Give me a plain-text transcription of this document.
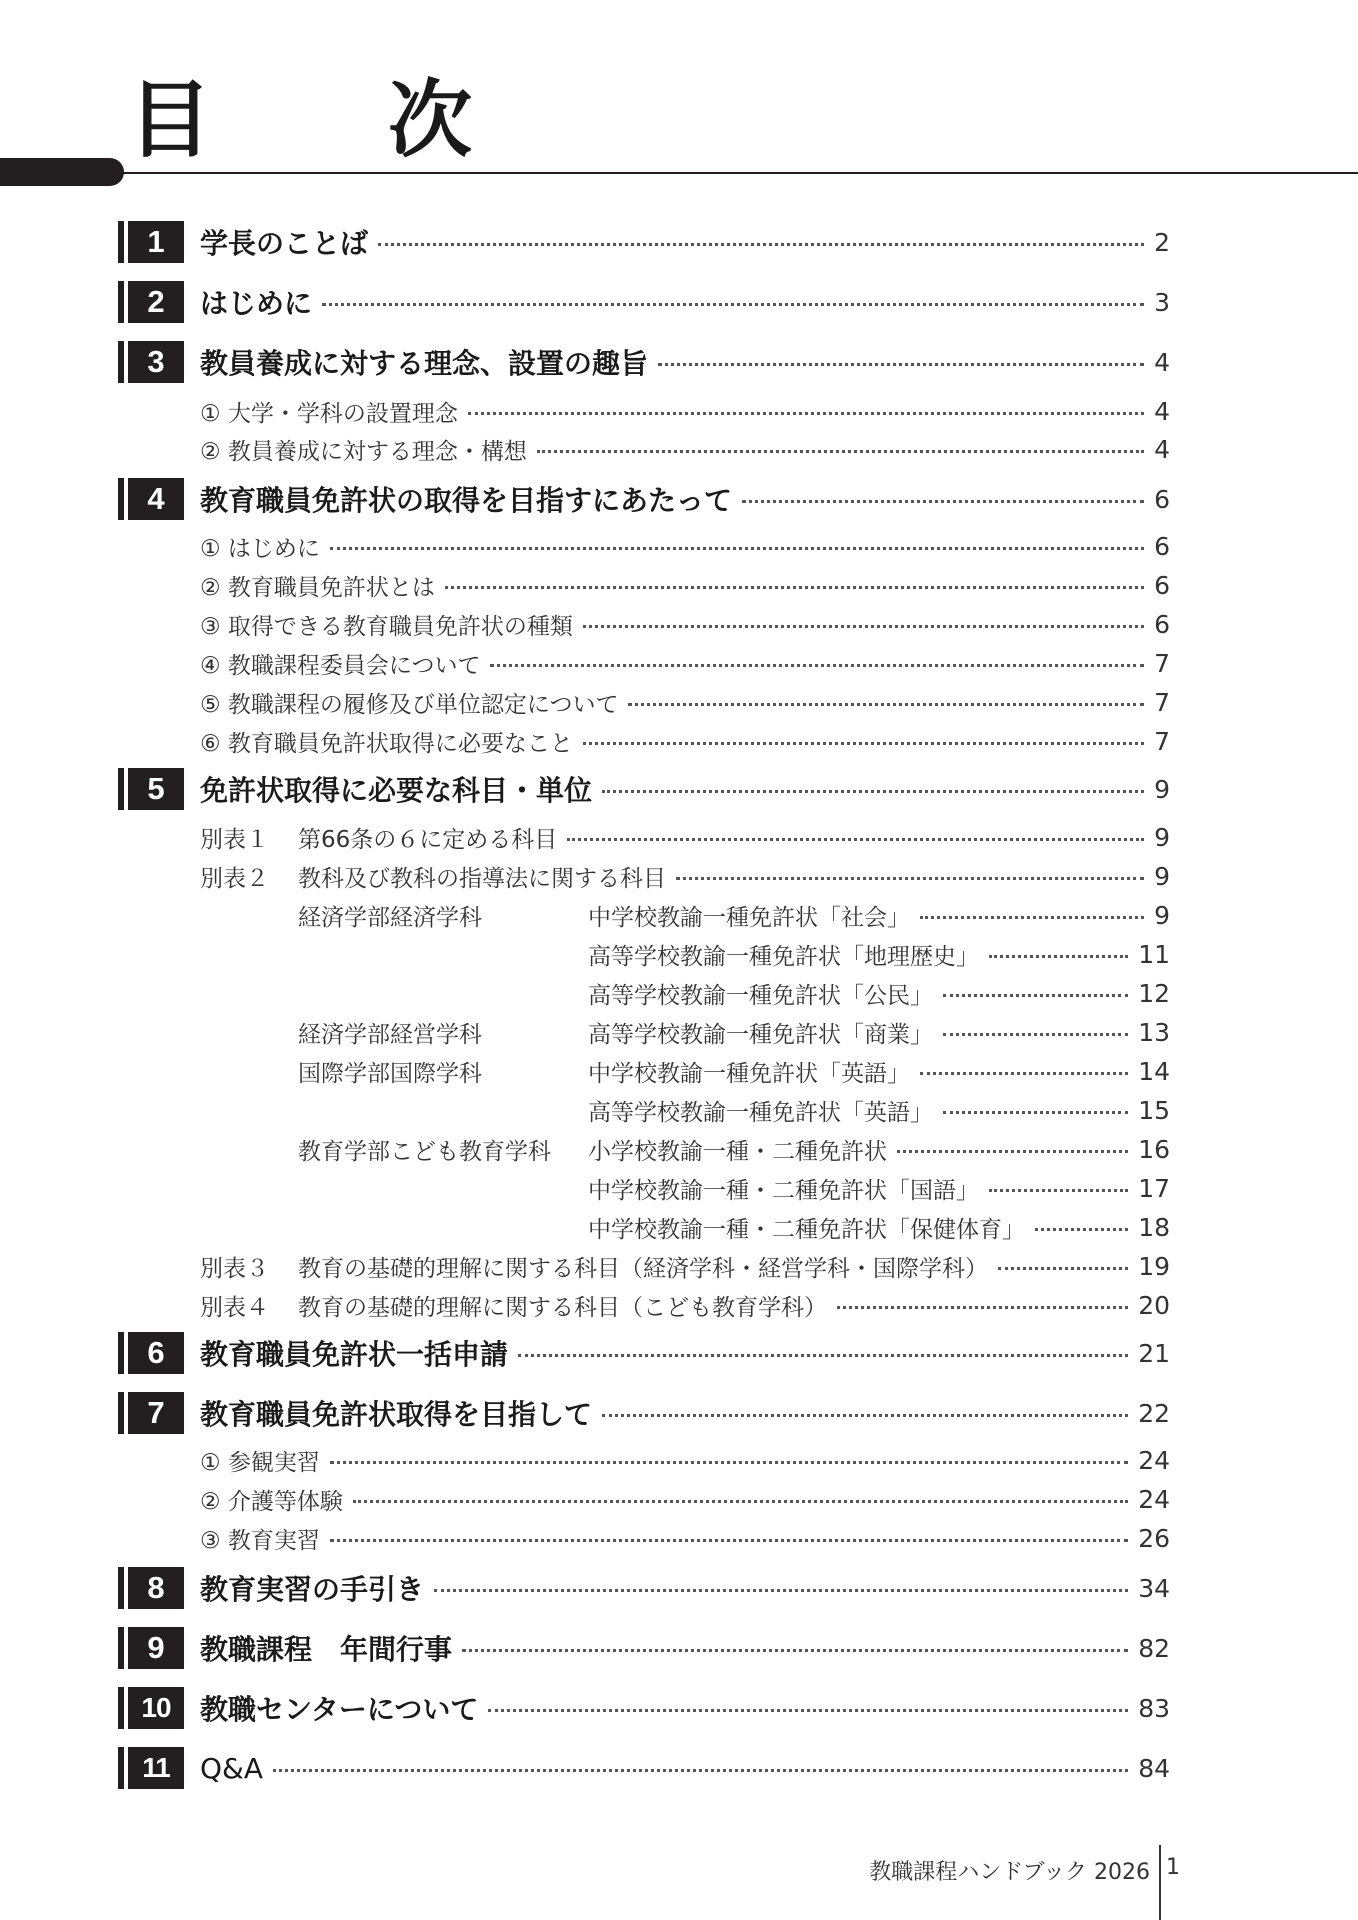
目　次
1	学長のことば	2
2	はじめに	3
3	教員養成に対する理念、設置の趣旨	4
① 大学・学科の設置理念	4
② 教員養成に対する理念・構想	4
4	教育職員免許状の取得を目指すにあたって	6
① はじめに	6
② 教育職員免許状とは	6
③ 取得できる教育職員免許状の種類	6
④ 教職課程委員会について	7
⑤ 教職課程の履修及び単位認定について	7
⑥ 教育職員免許状取得に必要なこと	7
5	免許状取得に必要な科目・単位	9
別表１	第66条の６に定める科目	9
別表２	教科及び教科の指導法に関する科目	9
経済学部経済学科	中学校教諭一種免許状「社会」	9
高等学校教諭一種免許状「地理歴史」	11
高等学校教諭一種免許状「公民」	12
経済学部経営学科	高等学校教諭一種免許状「商業」	13
国際学部国際学科	中学校教諭一種免許状「英語」	14
高等学校教諭一種免許状「英語」	15
教育学部こども教育学科	小学校教諭一種・二種免許状	16
中学校教諭一種・二種免許状「国語」	17
中学校教諭一種・二種免許状「保健体育」	18
別表３	教育の基礎的理解に関する科目（経済学科・経営学科・国際学科）	19
別表４	教育の基礎的理解に関する科目（こども教育学科）	20
6	教育職員免許状一括申請	21
7	教育職員免許状取得を目指して	22
① 参観実習	24
② 介護等体験	24
③ 教育実習	26
8	教育実習の手引き	34
9	教職課程　年間行事	82
10	教職センターについて	83
11	Q&A	84
教職課程ハンドブック 2026 1
